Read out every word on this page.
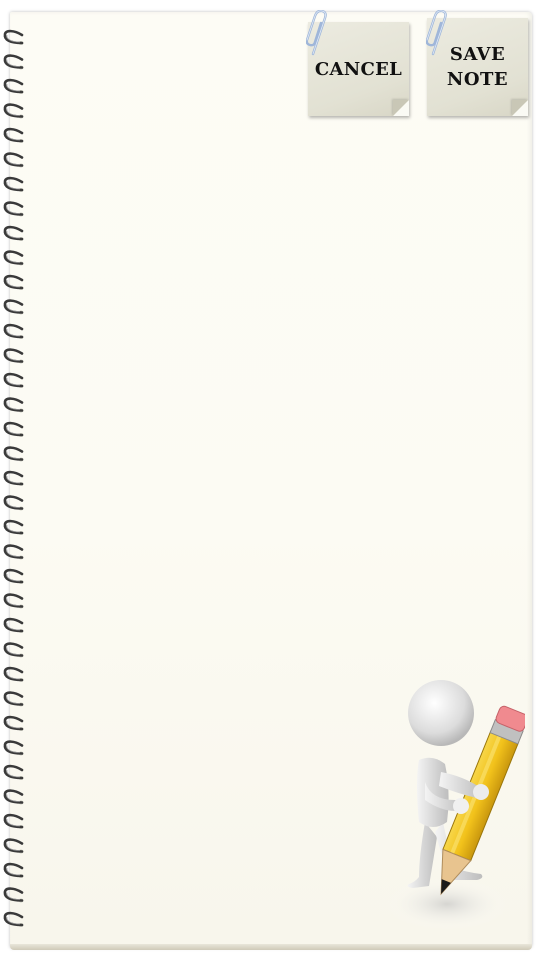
CANCEL
SAVE
NOTE
